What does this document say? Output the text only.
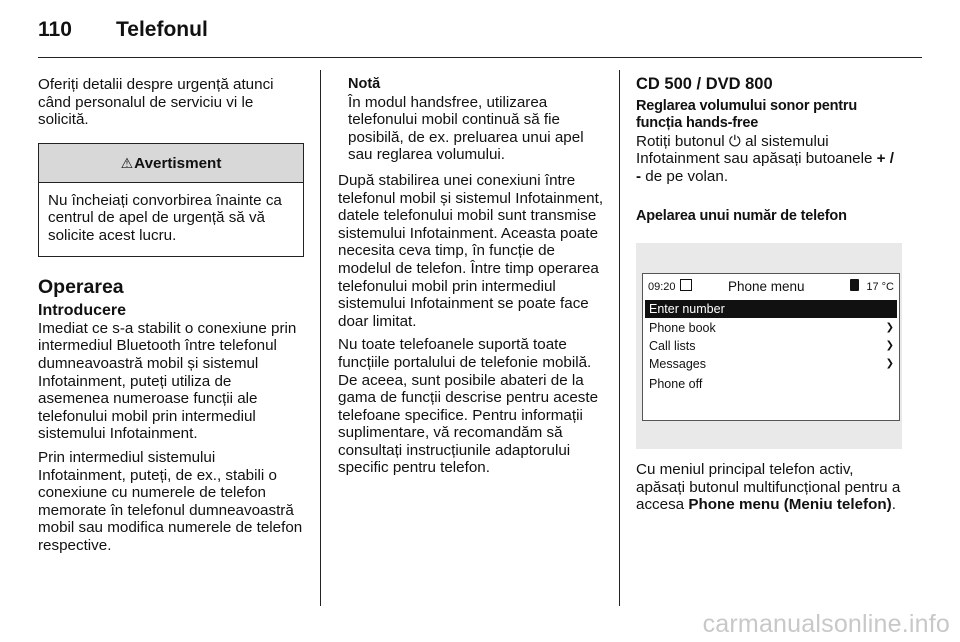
110 Telefonul

Oferiți detalii despre urgență atunci când personalul de serviciu vi le solicită.

⚠Avertisment
Nu încheiați convorbirea înainte ca centrul de apel de urgență să vă solicite acest lucru.
Operarea
Introducere

Imediat ce s-a stabilit o conexiune prin intermediul Bluetooth între telefonul dumneavoastră mobil și sistemul Infotainment, puteți utiliza de asemenea numeroase funcții ale telefonului mobil prin intermediul sistemului Infotainment.

Prin intermediul sistemului Infotainment, puteți, de ex., stabili o conexiune cu numerele de telefon memorate în telefonul dumneavoastră mobil sau modifica numerele de telefon respective.

Notă
În modul handsfree, utilizarea telefonului mobil continuă să fie posibilă, de ex. preluarea unui apel sau reglarea volumului.

După stabilirea unei conexiuni între telefonul mobil și sistemul Infotainment, datele telefonului mobil sunt transmise sistemului Infotainment. Aceasta poate necesita ceva timp, în funcție de modelul de telefon. Între timp operarea telefonului mobil prin intermediul sistemului Infotainment se poate face doar limitat.

Nu toate telefoanele suportă toate funcțiile portalului de telefonie mobilă. De aceea, sunt posibile abateri de la gama de funcții descrise pentru aceste telefoane specifice. Pentru informații suplimentare, vă recomandăm să consultați instrucțiunile adaptorului specific pentru telefon.

CD 500 / DVD 800
Reglarea volumului sonor pentru funcția hands-free

Rotiți butonul ⏻ al sistemului Infotainment sau apăsați butoanele + / - de pe volan.

Apelarea unui număr de telefon
09:20	Phone menu	17 °C
Enter number
Phone book	❯
Call lists	❯
Messages	❯
Phone off

Cu meniul principal telefon activ, apăsați butonul multifuncțional pentru a accesa Phone menu (Meniu telefon).

carmanualsonline.info
